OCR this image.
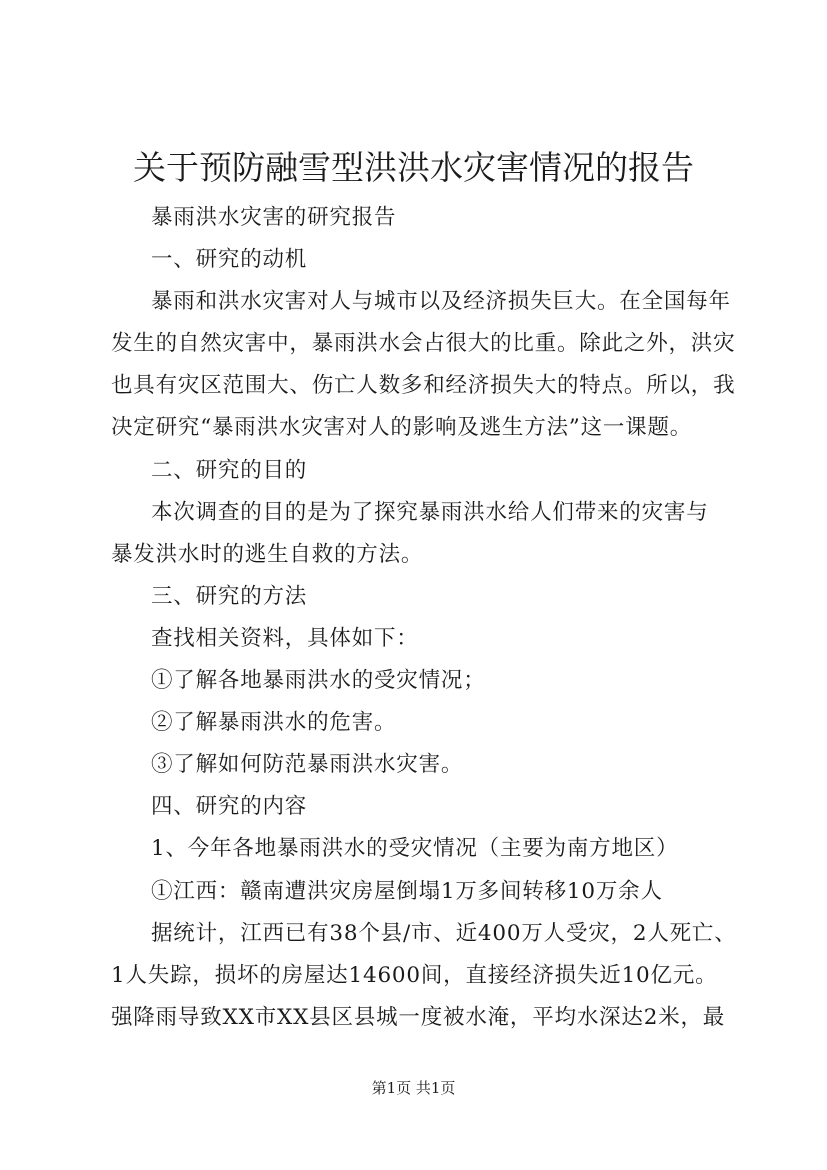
关于预防融雪型洪洪水灾害情况的报告
暴雨洪水灾害的研究报告
一、研究的动机
暴雨和洪水灾害对人与城市以及经济损失巨大。在全国每年
发生的自然灾害中，暴雨洪水会占很大的比重。除此之外，洪灾
也具有灾区范围大、伤亡人数多和经济损失大的特点。所以，我
决定研究“暴雨洪水灾害对人的影响及逃生方法”这一课题。
二、研究的目的
本次调查的目的是为了探究暴雨洪水给人们带来的灾害与
暴发洪水时的逃生自救的方法。
三、研究的方法
查找相关资料，具体如下：
①了解各地暴雨洪水的受灾情况；
②了解暴雨洪水的危害。
③了解如何防范暴雨洪水灾害。
四、研究的内容
1、今年各地暴雨洪水的受灾情况（主要为南方地区）
①江西：赣南遭洪灾房屋倒塌1万多间转移10万余人
据统计，江西已有38个县/市、近400万人受灾，2人死亡、
1人失踪，损坏的房屋达14600间，直接经济损失近10亿元。
强降雨导致XX市XX县区县城一度被水淹，平均水深达2米，最
第1页 共1页
